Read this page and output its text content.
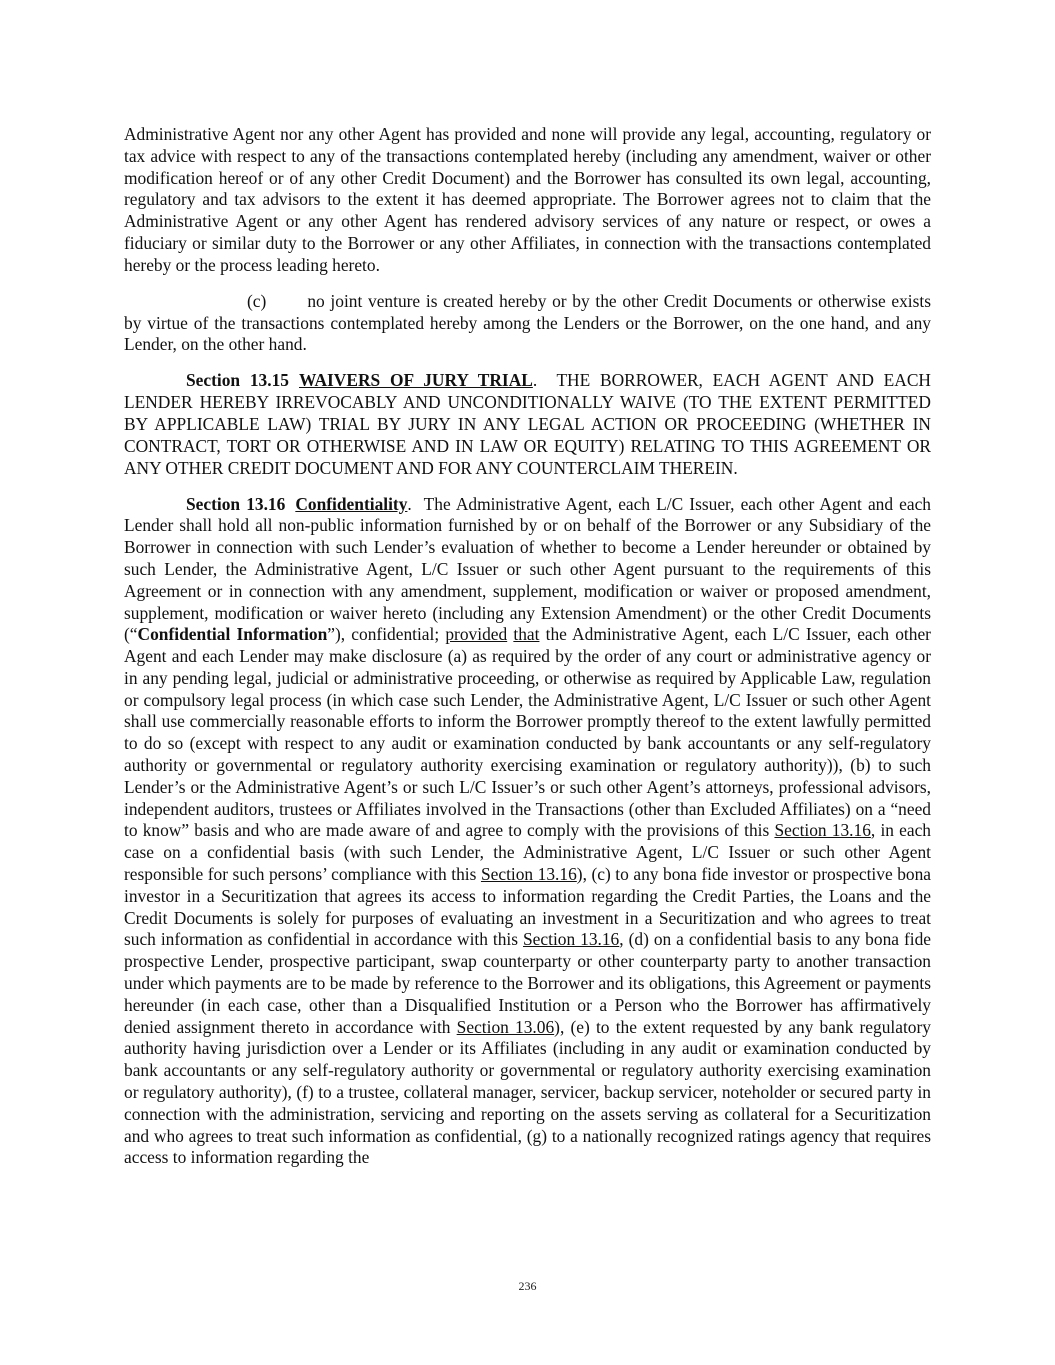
Administrative Agent nor any other Agent has provided and none will provide any legal, accounting, regulatory or tax advice with respect to any of the transactions contemplated hereby (including any amendment, waiver or other modification hereof or of any other Credit Document) and the Borrower has consulted its own legal, accounting, regulatory and tax advisors to the extent it has deemed appropriate. The Borrower agrees not to claim that the Administrative Agent or any other Agent has rendered advisory services of any nature or respect, or owes a fiduciary or similar duty to the Borrower or any other Affiliates, in connection with the transactions contemplated hereby or the process leading hereto.

(c) no joint venture is created hereby or by the other Credit Documents or otherwise exists by virtue of the transactions contemplated hereby among the Lenders or the Borrower, on the one hand, and any Lender, on the other hand.

Section 13.15 WAIVERS OF JURY TRIAL. THE BORROWER, EACH AGENT AND EACH LENDER HEREBY IRREVOCABLY AND UNCONDITIONALLY WAIVE (TO THE EXTENT PERMITTED BY APPLICABLE LAW) TRIAL BY JURY IN ANY LEGAL ACTION OR PROCEEDING (WHETHER IN CONTRACT, TORT OR OTHERWISE AND IN LAW OR EQUITY) RELATING TO THIS AGREEMENT OR ANY OTHER CREDIT DOCUMENT AND FOR ANY COUNTERCLAIM THEREIN.

Section 13.16 Confidentiality. The Administrative Agent, each L/C Issuer, each other Agent and each Lender shall hold all non-public information furnished by or on behalf of the Borrower or any Subsidiary of the Borrower in connection with such Lender’s evaluation of whether to become a Lender hereunder or obtained by such Lender, the Administrative Agent, L/C Issuer or such other Agent pursuant to the requirements of this Agreement or in connection with any amendment, supplement, modification or waiver or proposed amendment, supplement, modification or waiver hereto (including any Extension Amendment) or the other Credit Documents (“Confidential Information”), confidential; provided that the Administrative Agent, each L/C Issuer, each other Agent and each Lender may make disclosure (a) as required by the order of any court or administrative agency or in any pending legal, judicial or administrative proceeding, or otherwise as required by Applicable Law, regulation or compulsory legal process (in which case such Lender, the Administrative Agent, L/C Issuer or such other Agent shall use commercially reasonable efforts to inform the Borrower promptly thereof to the extent lawfully permitted to do so (except with respect to any audit or examination conducted by bank accountants or any self-regulatory authority or governmental or regulatory authority exercising examination or regulatory authority)), (b) to such Lender’s or the Administrative Agent’s or such L/C Issuer’s or such other Agent’s attorneys, professional advisors, independent auditors, trustees or Affiliates involved in the Transactions (other than Excluded Affiliates) on a “need to know” basis and who are made aware of and agree to comply with the provisions of this Section 13.16, in each case on a confidential basis (with such Lender, the Administrative Agent, L/C Issuer or such other Agent responsible for such persons’ compliance with this Section 13.16), (c) to any bona fide investor or prospective bona investor in a Securitization that agrees its access to information regarding the Credit Parties, the Loans and the Credit Documents is solely for purposes of evaluating an investment in a Securitization and who agrees to treat such information as confidential in accordance with this Section 13.16, (d) on a confidential basis to any bona fide prospective Lender, prospective participant, swap counterparty or other counterparty party to another transaction under which payments are to be made by reference to the Borrower and its obligations, this Agreement or payments hereunder (in each case, other than a Disqualified Institution or a Person who the Borrower has affirmatively denied assignment thereto in accordance with Section 13.06), (e) to the extent requested by any bank regulatory authority having jurisdiction over a Lender or its Affiliates (including in any audit or examination conducted by bank accountants or any self-regulatory authority or governmental or regulatory authority exercising examination or regulatory authority), (f) to a trustee, collateral manager, servicer, backup servicer, noteholder or secured party in connection with the administration, servicing and reporting on the assets serving as collateral for a Securitization and who agrees to treat such information as confidential, (g) to a nationally recognized ratings agency that requires access to information regarding the

236
